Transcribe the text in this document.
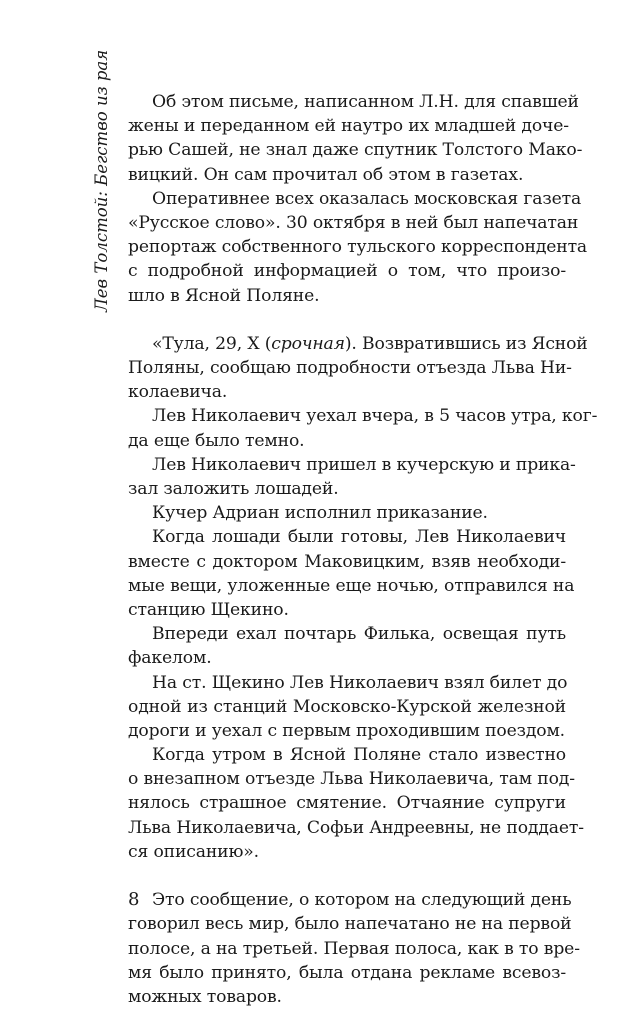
Лев Толстой: Бегство из рая	Об этом письме, написанном Л.Н. для спавшей
жены и переданном ей наутро их младшей доче-
рью Сашей, не знал даже спутник Толстого Мако-
вицкий. Он сам прочитал об этом в газетах.
Оперативнее всех оказалась московская газета
«Русское слово». 30 октября в ней был напечатан
репортаж собственного тульского корреспондента
с подробной информацией о том, что произо-
шло в Ясной Поляне.
«Тула, 29, X (срочная). Возвратившись из Ясной
Поляны, сообщаю подробности отъезда Льва Ни-
колаевича.
Лев Николаевич уехал вчера, в 5 часов утра, ког-
да еще было темно.
Лев Николаевич пришел в кучерскую и прика-
зал заложить лошадей.
Кучер Адриан исполнил приказание.
Когда лошади были готовы, Лев Николаевич
вместе с доктором Маковицким, взяв необходи-
мые вещи, уложенные еще ночью, отправился на
станцию Щекино.
Впереди ехал почтарь Филька, освещая путь
факелом.
На ст. Щекино Лев Николаевич взял билет до
одной из станций Московско-Курской железной
дороги и уехал с первым проходившим поездом.
Когда утром в Ясной Поляне стало известно
о внезапном отъезде Льва Николаевича, там под-
нялось страшное смятение. Отчаяние супруги
Льва Николаевича, Софьи Андреевны, не поддает-
ся описанию».
Это сообщение, о котором на следующий день
говорил весь мир, было напечатано не на первой
полосе, а на третьей. Первая полоса, как в то вре-
мя было принято, была отдана рекламе всевоз-
можных товаров.
8
